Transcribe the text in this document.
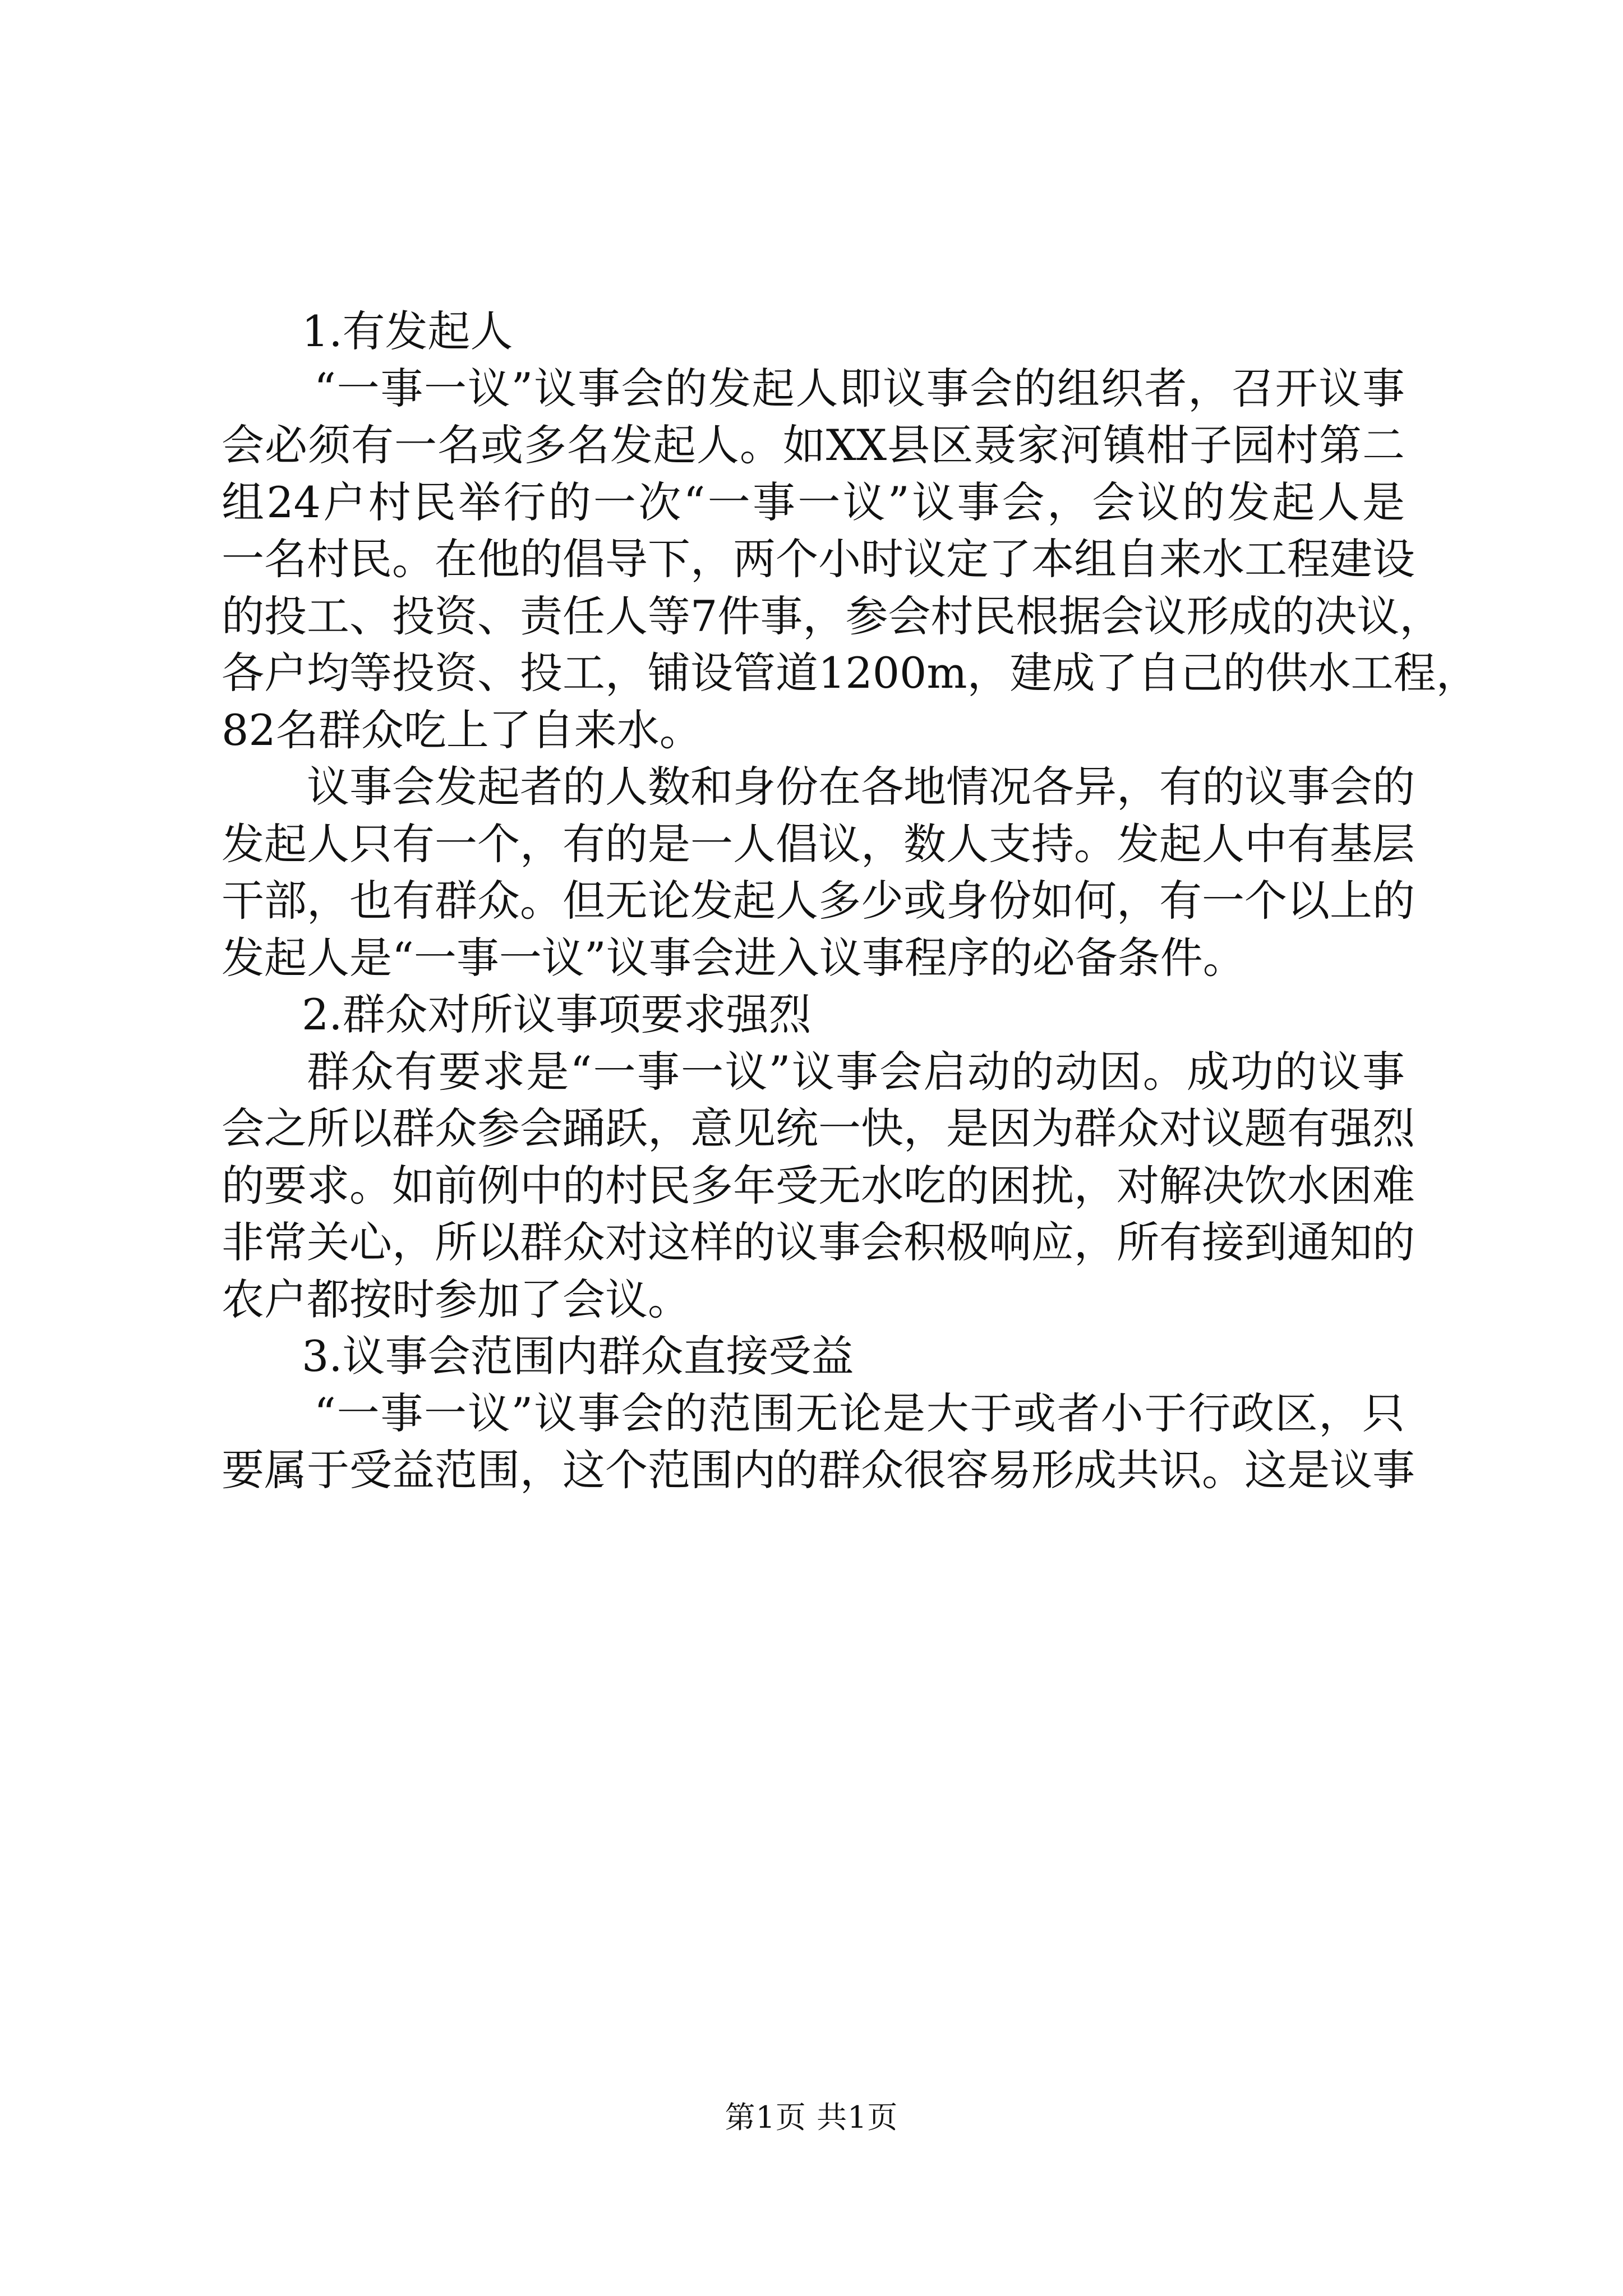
1.有发起人
“一事一议”议事会的发起人即议事会的组织者，召开议事
会必须有一名或多名发起人。如XX县区聂家河镇柑子园村第二
组24户村民举行的一次“一事一议”议事会，会议的发起人是
一名村民。在他的倡导下，两个小时议定了本组自来水工程建设
的投工、投资、责任人等7件事，参会村民根据会议形成的决议，
各户均等投资、投工，铺设管道1200m，建成了自己的供水工程，
82名群众吃上了自来水。
议事会发起者的人数和身份在各地情况各异，有的议事会的
发起人只有一个，有的是一人倡议，数人支持。发起人中有基层
干部，也有群众。但无论发起人多少或身份如何，有一个以上的
发起人是“一事一议”议事会进入议事程序的必备条件。
2.群众对所议事项要求强烈
群众有要求是“一事一议”议事会启动的动因。成功的议事
会之所以群众参会踊跃，意见统一快，是因为群众对议题有强烈
的要求。如前例中的村民多年受无水吃的困扰，对解决饮水困难
非常关心，所以群众对这样的议事会积极响应，所有接到通知的
农户都按时参加了会议。
3.议事会范围内群众直接受益
“一事一议”议事会的范围无论是大于或者小于行政区，只
要属于受益范围，这个范围内的群众很容易形成共识。这是议事
第1页 共1页
